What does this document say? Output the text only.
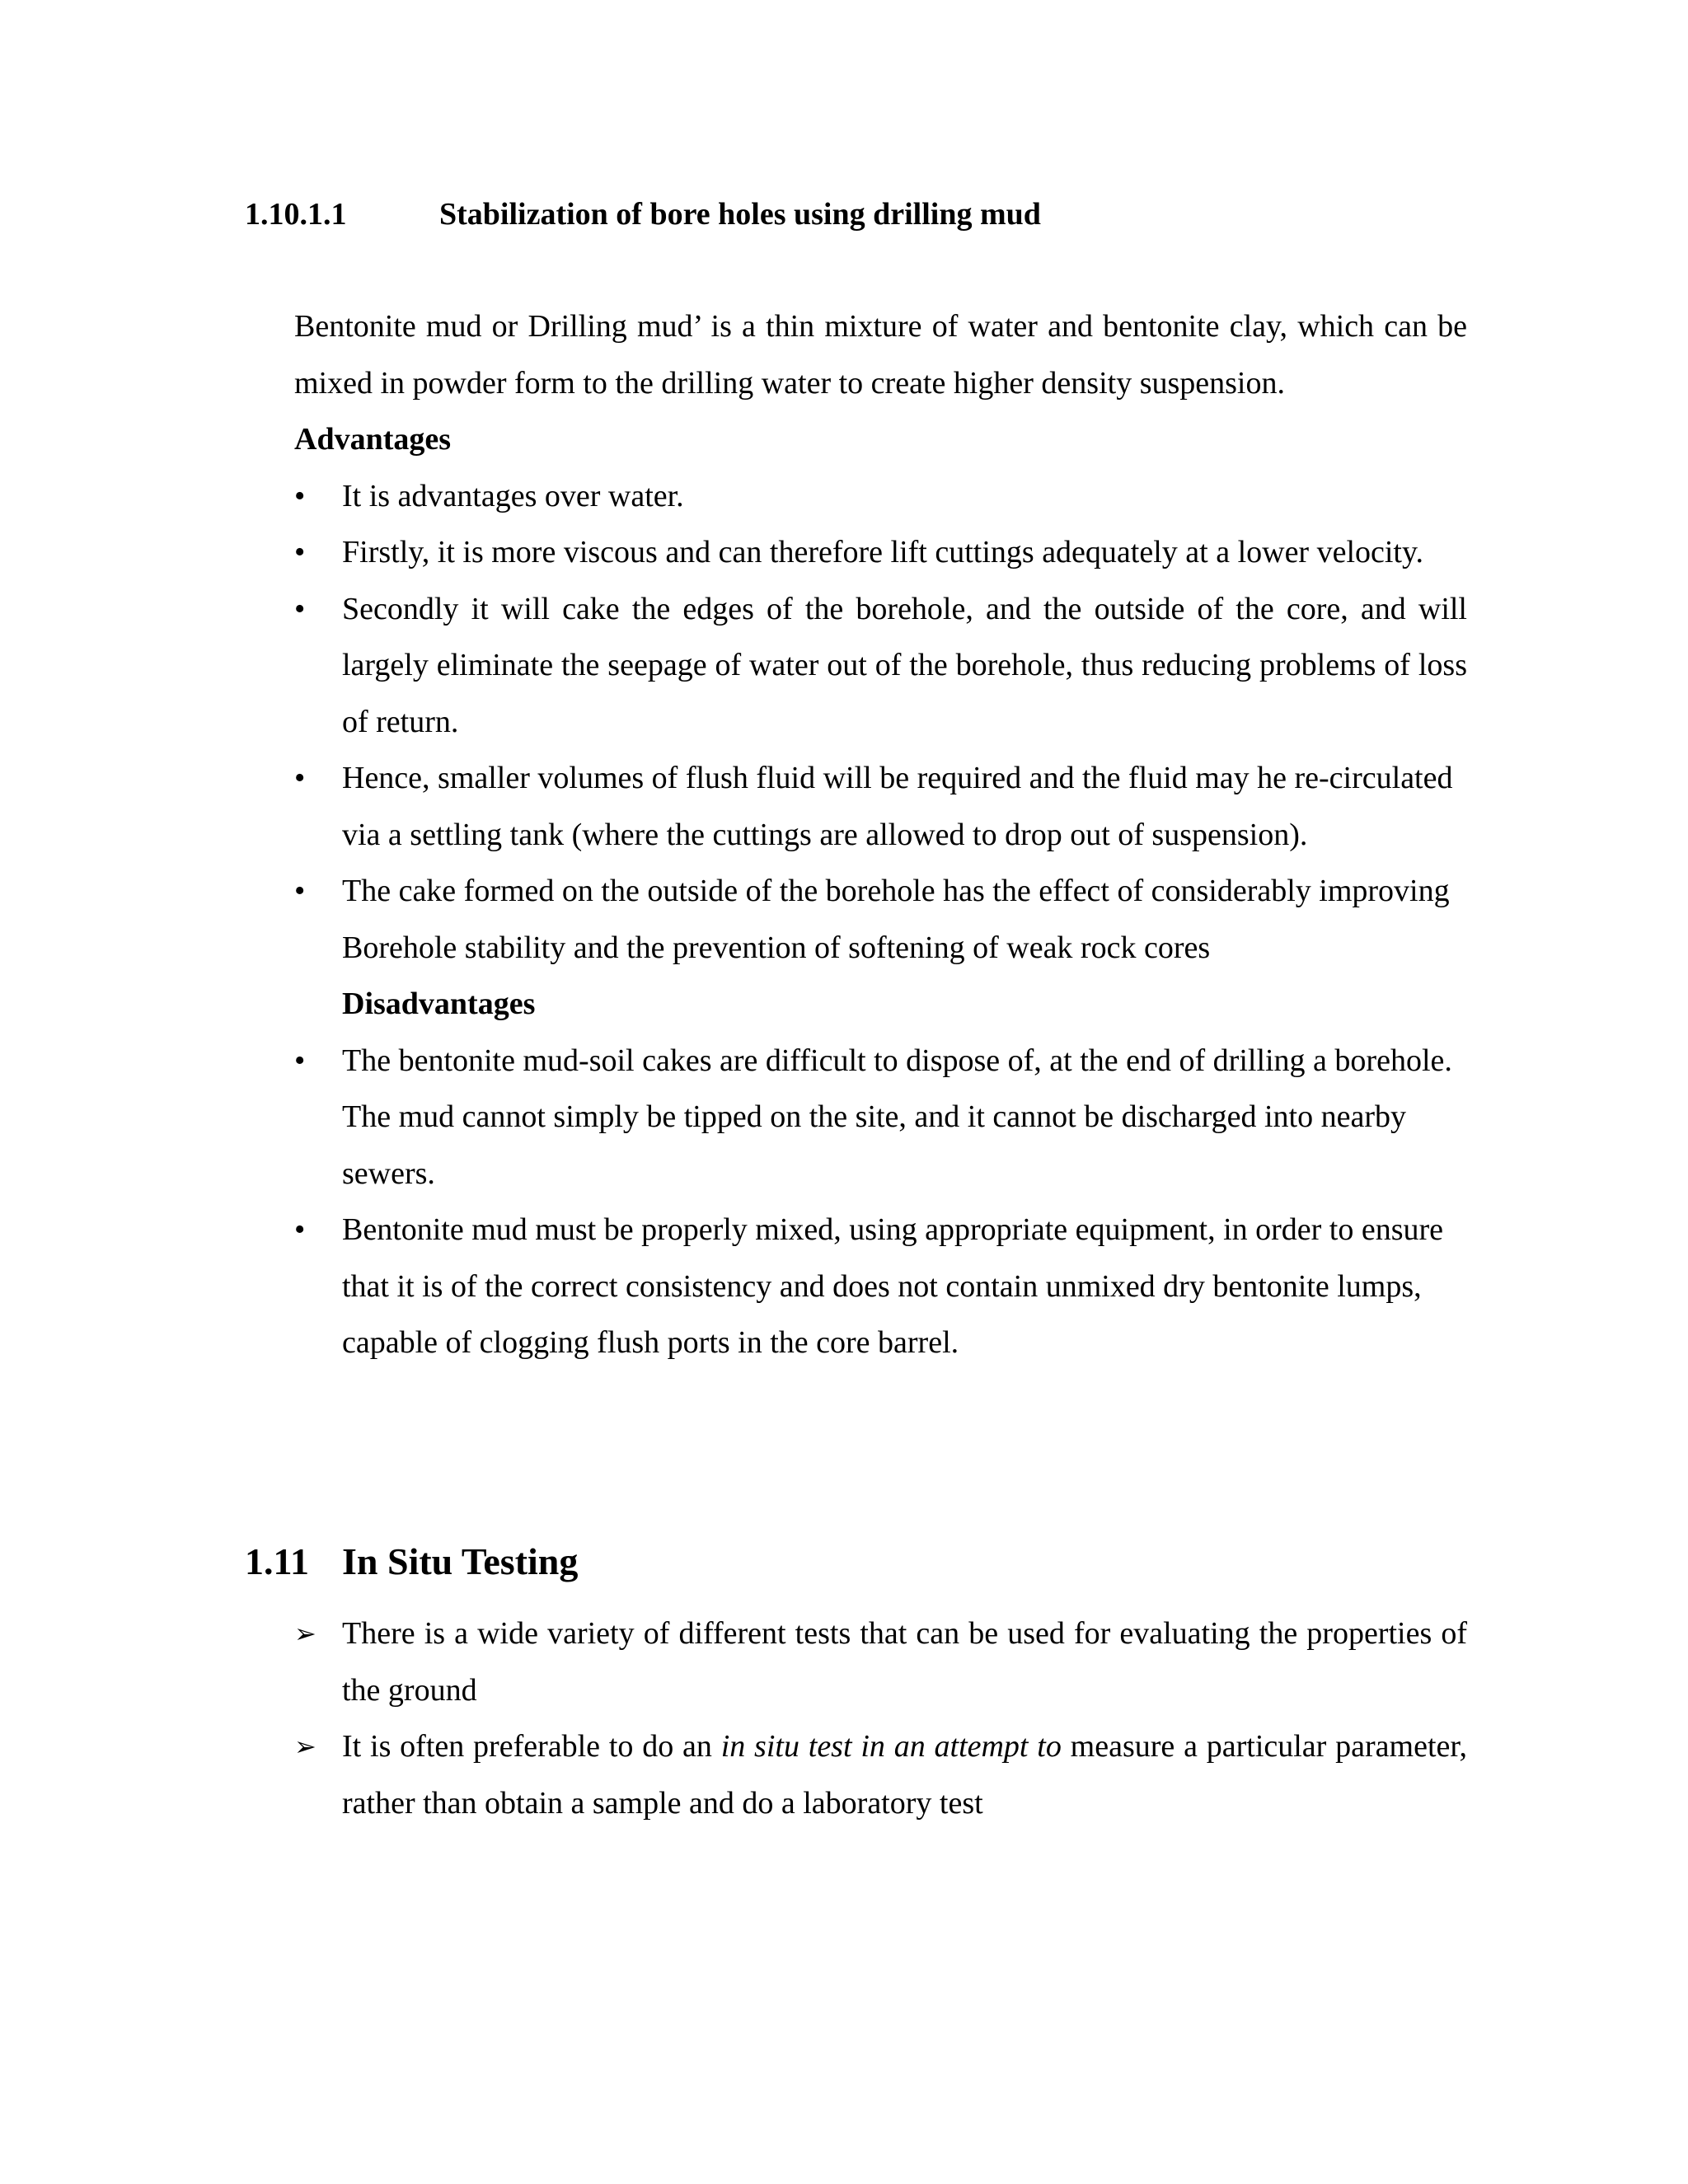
1.10.1.1	Stabilization of bore holes using drilling mud

Bentonite mud or Drilling mud’ is a thin mixture of water and bentonite clay, which can be mixed in powder form to the drilling water to create higher density suspension.

Advantages

•	It is advantages over water.
•	Firstly, it is more viscous and can therefore lift cuttings adequately at a lower velocity.
•	Secondly it will cake the edges of the borehole, and the outside of the core, and will largely eliminate the seepage of water out of the borehole, thus reducing problems of loss of return.
•	Hence, smaller volumes of flush fluid will be required and the fluid may he re-circulated via a settling tank (where the cuttings are allowed to drop out of suspension).
•	The cake formed on the outside of the borehole has the effect of considerably improving Borehole stability and the prevention of softening of weak rock cores

Disadvantages

•	The bentonite mud-soil cakes are difficult to dispose of, at the end of drilling a borehole. The mud cannot simply be tipped on the site, and it cannot be discharged into nearby sewers.
•	Bentonite mud must be properly mixed, using appropriate equipment, in order to ensure that it is of the correct consistency and does not contain unmixed dry bentonite lumps, capable of clogging flush ports in the core barrel.
1.11 In Situ Testing
➢ There is a wide variety of different tests that can be used for evaluating the properties of the ground
➢ It is often preferable to do an in situ test in an attempt to measure a particular parameter, rather than obtain a sample and do a laboratory test
